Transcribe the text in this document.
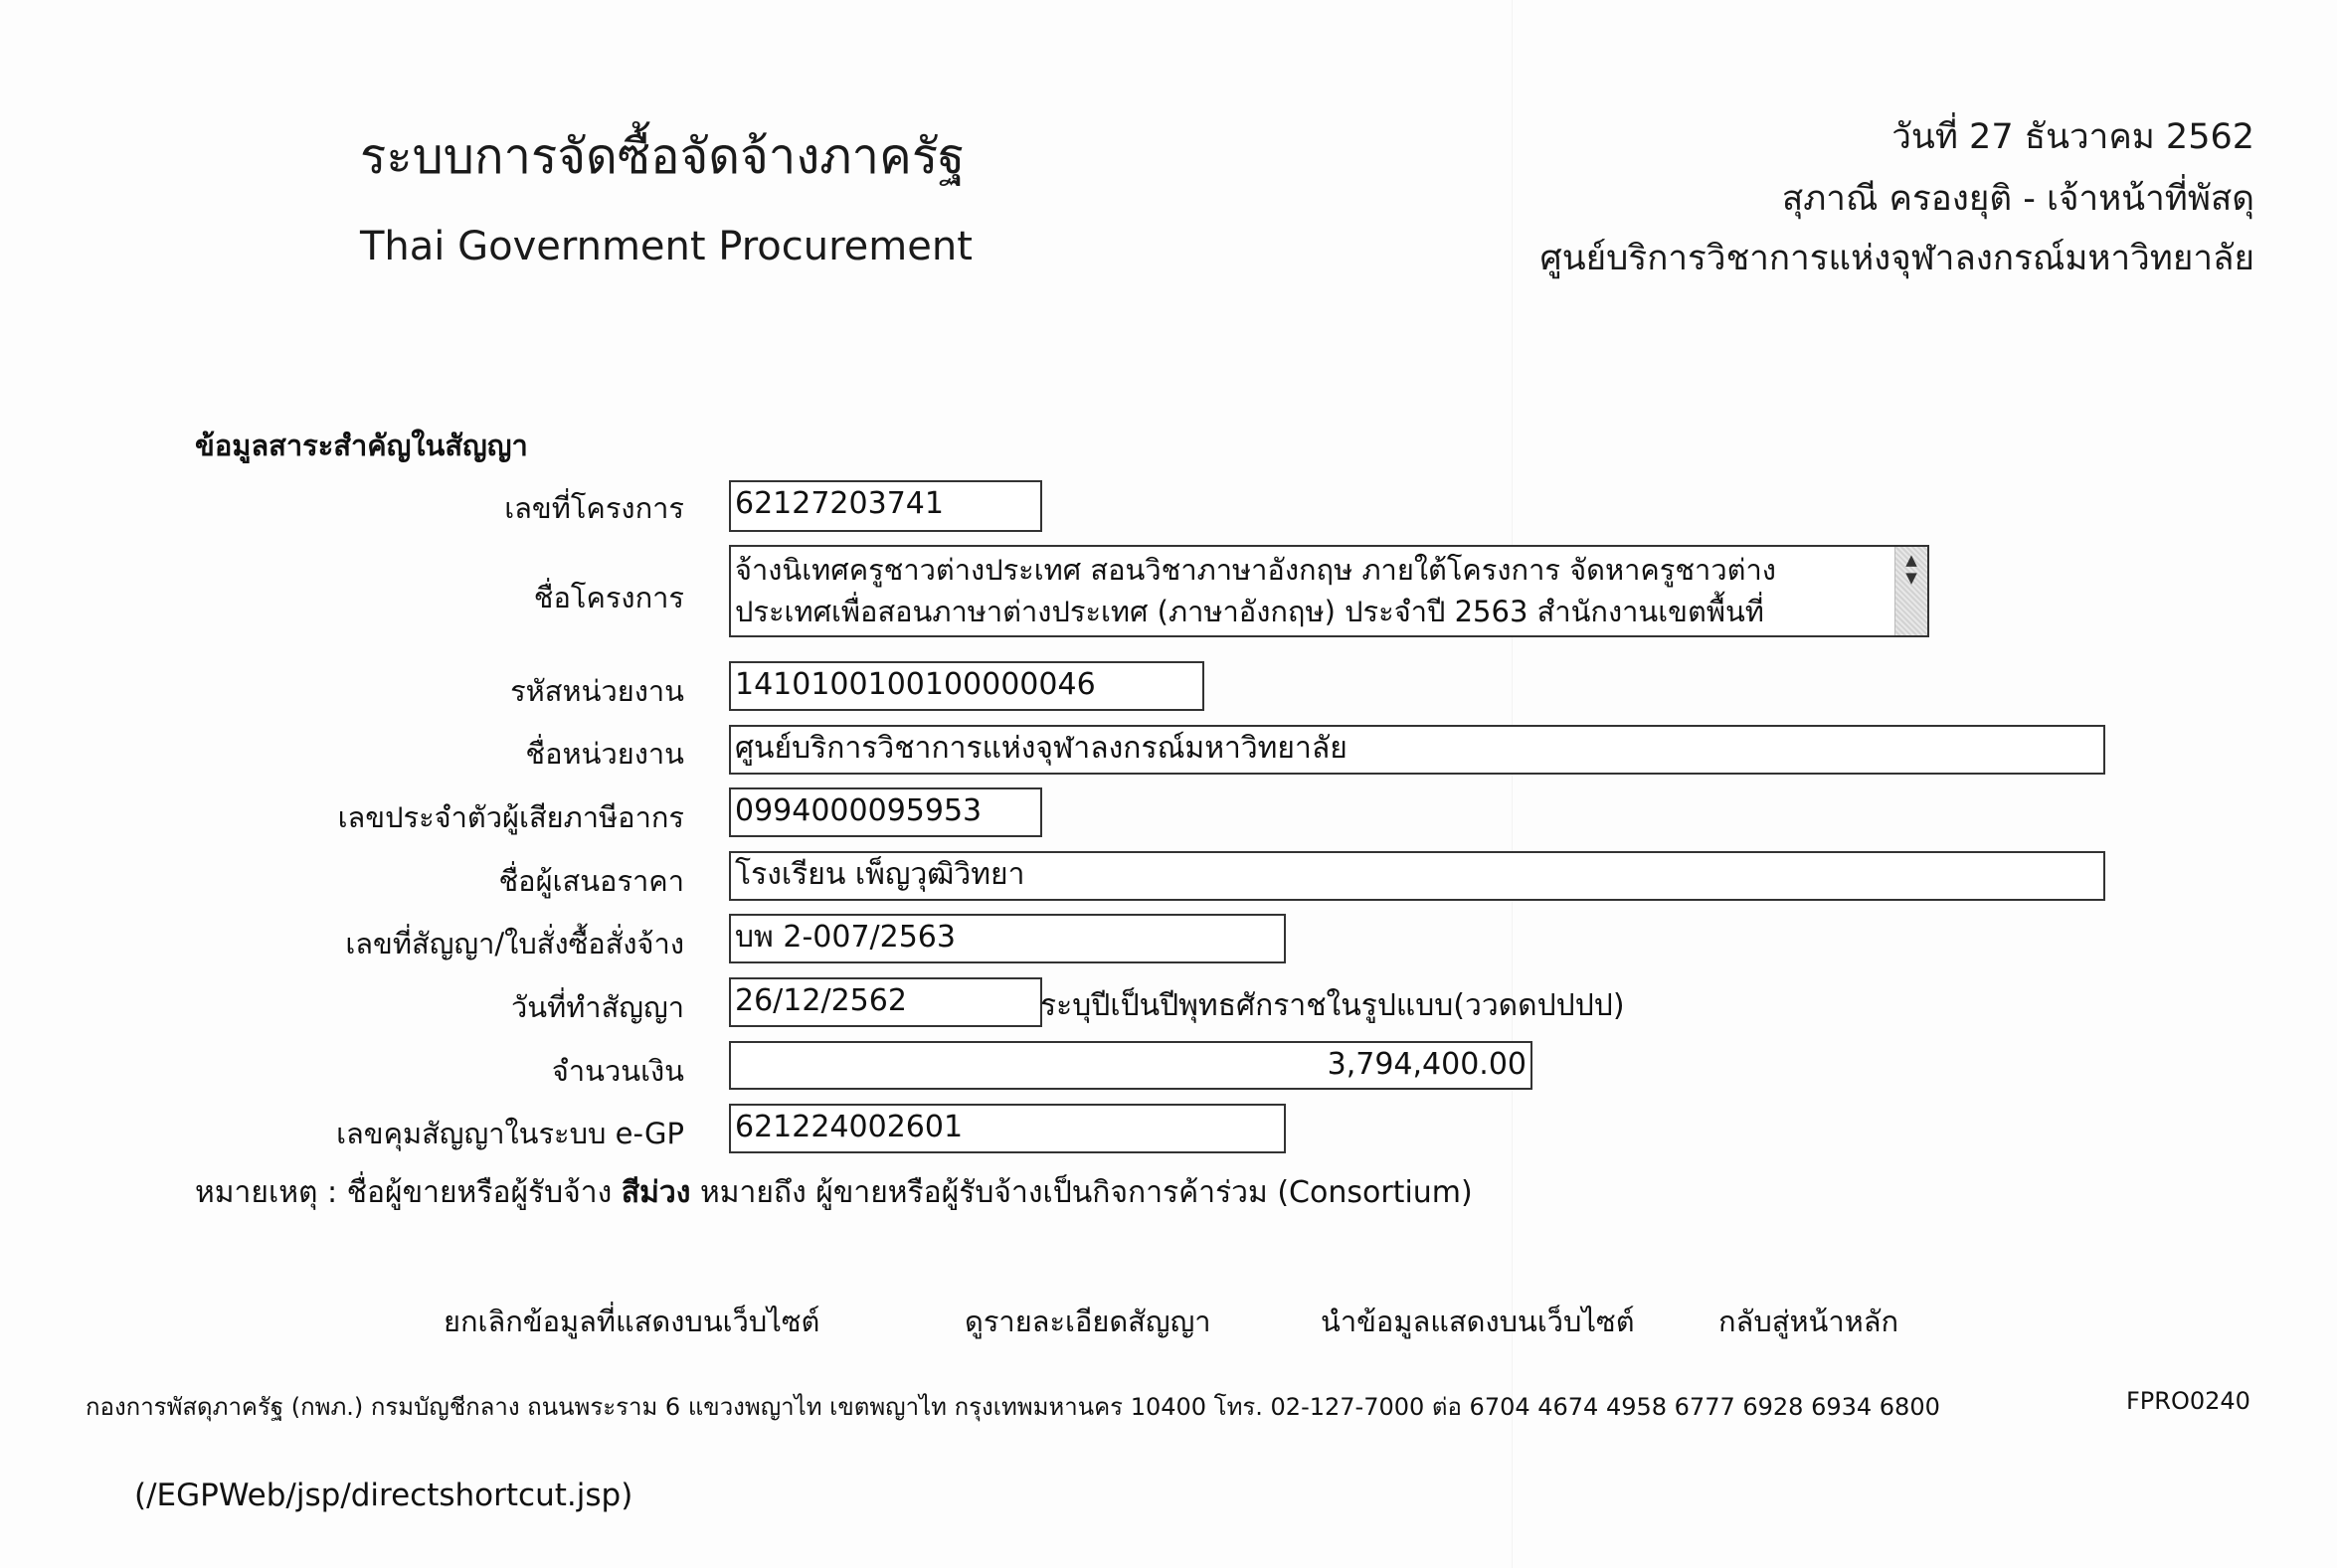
ระบบการจัดซื้อจัดจ้างภาครัฐ
Thai Government Procurement
วันที่ 27 ธันวาคม 2562
สุภาณี ครองยุติ - เจ้าหน้าที่พัสดุ
ศูนย์บริการวิชาการแห่งจุฬาลงกรณ์มหาวิทยาลัย
ข้อมูลสาระสำคัญในสัญญา
เลขที่โครงการ 62127203741
ชื่อโครงการ
จ้างนิเทศครูชาวต่างประเทศ สอนวิชาภาษาอังกฤษ ภายใต้โครงการ จัดหาครูชาวต่างประเทศเพื่อสอนภาษาต่างประเทศ (ภาษาอังกฤษ) ประจำปี 2563 สำนักงานเขตพื้นที่
▲
▼
รหัสหน่วยงาน 1410100100100000046
ชื่อหน่วยงาน ศูนย์บริการวิชาการแห่งจุฬาลงกรณ์มหาวิทยาลัย
เลขประจำตัวผู้เสียภาษีอากร 0994000095953
ชื่อผู้เสนอราคา โรงเรียน เพ็ญวุฒิวิทยา
เลขที่สัญญา/ใบสั่งซื้อสั่งจ้าง บพ 2-007/2563
วันที่ทำสัญญา 26/12/2562	ระบุปีเป็นปีพุทธศักราชในรูปแบบ(ววดดปปปป)
จำนวนเงิน	3,794,400.00
เลขคุมสัญญาในระบบ e-GP 621224002601
หมายเหตุ : ชื่อผู้ขายหรือผู้รับจ้าง สีม่วง หมายถึง ผู้ขายหรือผู้รับจ้างเป็นกิจการค้าร่วม (Consortium)
ยกเลิกข้อมูลที่แสดงบนเว็บไซต์	ดูรายละเอียดสัญญา	นำข้อมูลแสดงบนเว็บไซต์	กลับสู่หน้าหลัก
กองการพัสดุภาครัฐ (กพภ.) กรมบัญชีกลาง ถนนพระราม 6 แขวงพญาไท เขตพญาไท กรุงเทพมหานคร 10400 โทร. 02-127-7000 ต่อ 6704 4674 4958 6777 6928 6934 6800	FPRO0240
(/EGPWeb/jsp/directshortcut.jsp)
